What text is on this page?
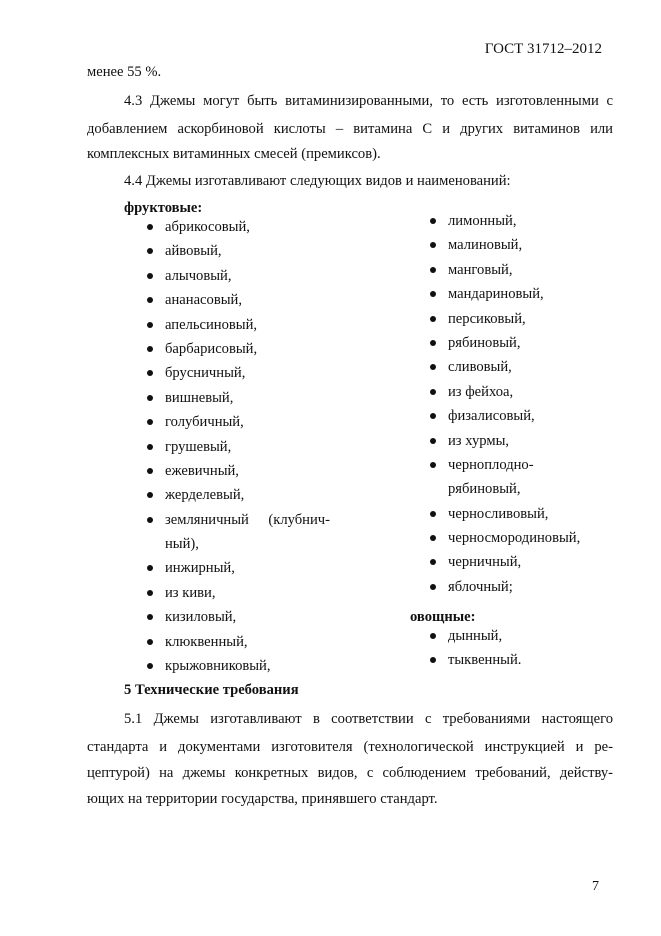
ГОСТ 31712–2012
менее 55 %.
4.3 Джемы могут быть витаминизированными, то есть изготовленными с
добавлением аскорбиновой кислоты – витамина С и других витаминов или
комплексных витаминных смесей (премиксов).
4.4 Джемы изготавливают следующих видов и наименований:
фруктовые:
абрикосовый,
айвовый,
алычовый,
ананасовый,
апельсиновый,
барбарисовый,
брусничный,
вишневый,
голубичный,
грушевый,
ежевичный,
жерделевый,
земляничный (клубнич-
ный),
инжирный,
из киви,
кизиловый,
клюквенный,
крыжовниковый,
лимонный,
малиновый,
манговый,
мандариновый,
персиковый,
рябиновый,
сливовый,
из фейхоа,
физалисовый,
из хурмы,
черноплодно-
рябиновый,
черносливовый,
черносмородиновый,
черничный,
яблочный;
овощные:
дынный,
тыквенный.
5 Технические требования
5.1 Джемы изготавливают в соответствии с требованиями настоящего
стандарта и документами изготовителя (технологической инструкцией и ре-
цептурой) на джемы конкретных видов, с соблюдением требований, действу-
ющих на территории государства, принявшего стандарт.
7
